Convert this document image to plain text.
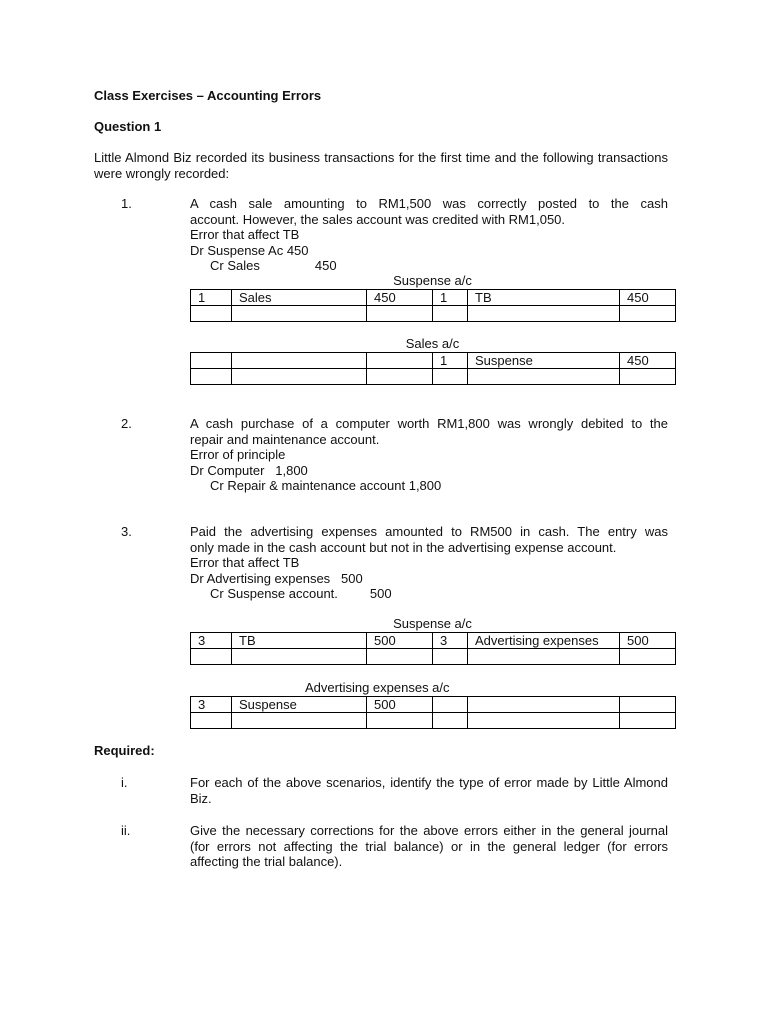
Class Exercises – Accounting Errors
Question 1
Little Almond Biz recorded its business transactions for the first time and the following transactions were wrongly recorded:
1.	A cash sale amounting to RM1,500 was correctly posted to the cash
account. However, the sales account was credited with RM1,050.
Error that affect TB
Dr Suspense Ac 450
Cr Sales	450
Suspense a/c
1	Sales	450	1	TB	450

Sales a/c
			1	Suspense	450

2.	A cash purchase of a computer worth RM1,800 was wrongly debited to the
repair and maintenance account.
Error of principle
Dr Computer   1,800
Cr Repair & maintenance account 1,800
3.	Paid the advertising expenses amounted to RM500 in cash. The entry was
only made in the cash account but not in the advertising expense account.
Error that affect TB
Dr Advertising expenses   500
Cr Suspense account. 500
Suspense a/c
3	TB	500	3	Advertising expenses	500

Advertising expenses a/c
3	Suspense	500			

Required:
i.	For each of the above scenarios, identify the type of error made by Little Almond Biz.
ii.	Give the necessary corrections for the above errors either in the general journal (for errors not affecting the trial balance) or in the general ledger (for errors affecting the trial balance).
